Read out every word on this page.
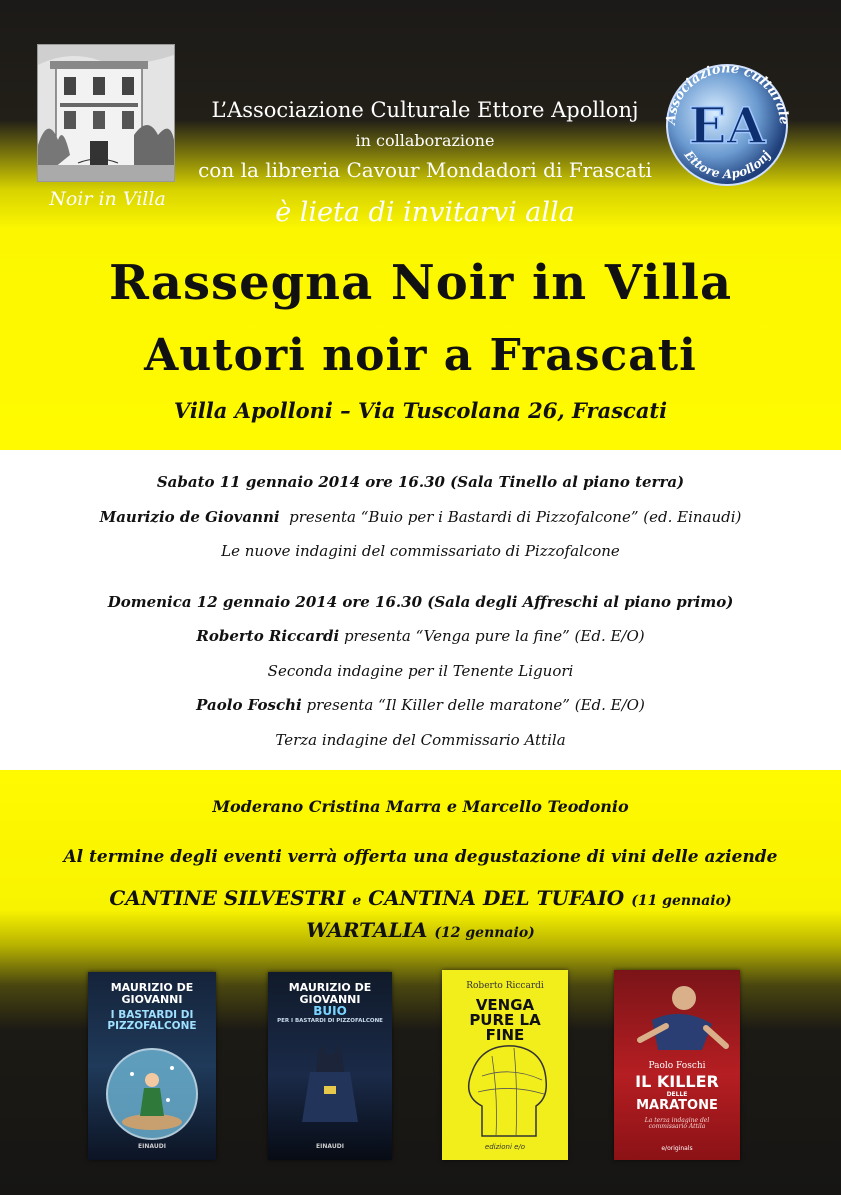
Noir in Villa
L’Associazione Culturale Ettore Apollonj
in collaborazione
con la libreria Cavour Mondadori di Frascati
è lieta di invitarvi alla
Associazione culturale
Ettore Apollonj
EA
Rassegna Noir in Villa
Autori noir a Frascati
Villa Apolloni – Via Tuscolana 26, Frascati
Sabato 11 gennaio 2014 ore 16.30 (Sala Tinello al piano terra)
Maurizio de Giovanni presenta “Buio per i Bastardi di Pizzofalcone” (ed. Einaudi)
Le nuove indagini del commissariato di Pizzofalcone
Domenica 12 gennaio 2014 ore 16.30 (Sala degli Affreschi al piano primo)
Roberto Riccardi presenta “Venga pure la fine” (Ed. E/O)
Seconda indagine per il Tenente Liguori
Paolo Foschi presenta “Il Killer delle maratone” (Ed. E/O)
Terza indagine del Commissario Attila
Moderano Cristina Marra e Marcello Teodonio
Al termine degli eventi verrà offerta una degustazione di vini delle aziende
CANTINE SILVESTRI e CANTINA DEL TUFAIO (11 gennaio)
WARTALIA (12 gennaio)
MAURIZIO DE GIOVANNI
I BASTARDI DI PIZZOFALCONE
EINAUDI
MAURIZIO DE GIOVANNI
BUIO
PER I BASTARDI DI PIZZOFALCONE
EINAUDI
Roberto Riccardi
VENGA PURE LA FINE
edizioni e/o
Paolo Foschi
IL KILLER
DELLE
MARATONE
La terza indagine del commissario Attila
e/originals
